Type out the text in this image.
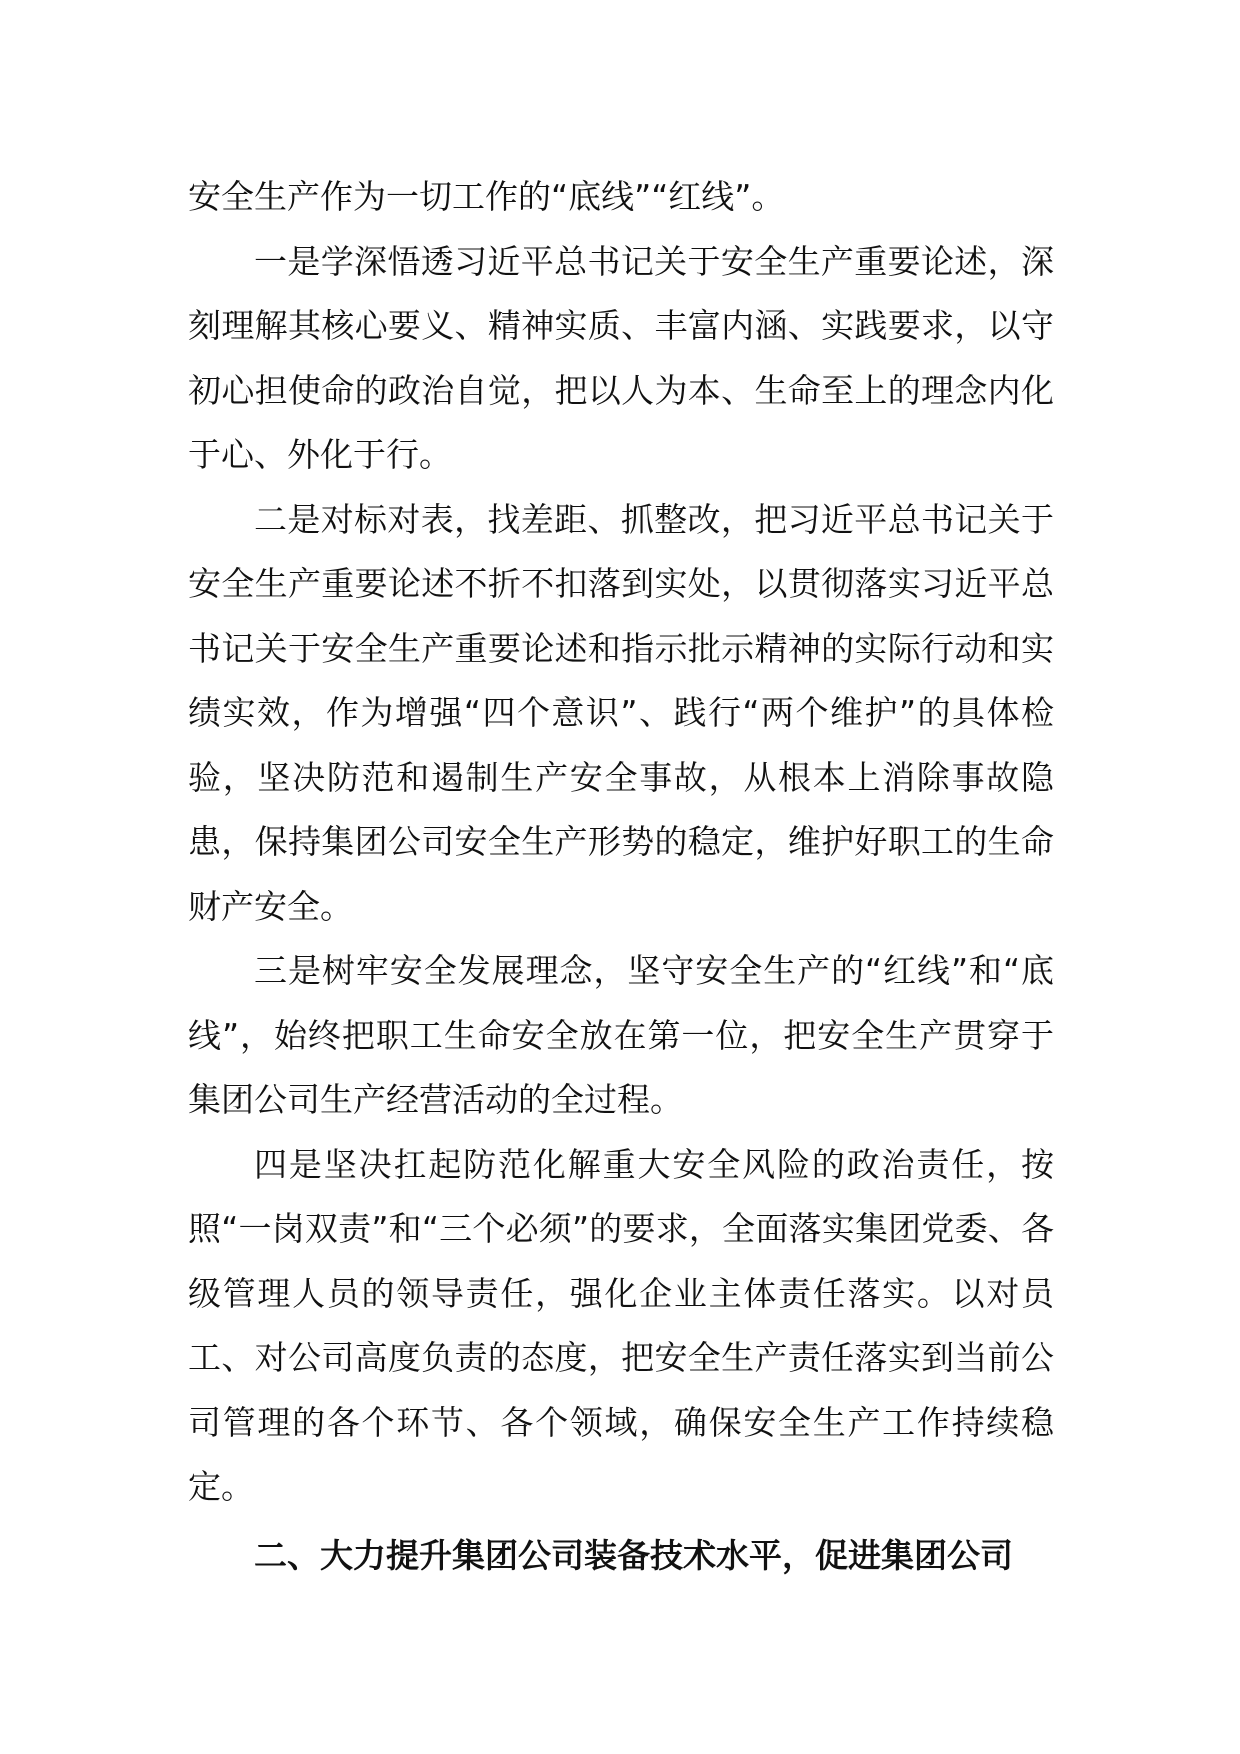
安全生产作为一切工作的“底线”“红线”。

一是学深悟透习近平总书记关于安全生产重要论述，深刻理解其核心要义、精神实质、丰富内涵、实践要求，以守初心担使命的政治自觉，把以人为本、生命至上的理念内化于心、外化于行。

二是对标对表，找差距、抓整改，把习近平总书记关于安全生产重要论述不折不扣落到实处，以贯彻落实习近平总书记关于安全生产重要论述和指示批示精神的实际行动和实绩实效，作为增强“四个意识”、践行“两个维护”的具体检验，坚决防范和遏制生产安全事故，从根本上消除事故隐患，保持集团公司安全生产形势的稳定，维护好职工的生命财产安全。

三是树牢安全发展理念，坚守安全生产的“红线”和“底线”，始终把职工生命安全放在第一位，把安全生产贯穿于集团公司生产经营活动的全过程。

四是坚决扛起防范化解重大安全风险的政治责任，按照“一岗双责”和“三个必须”的要求，全面落实集团党委、各级管理人员的领导责任，强化企业主体责任落实。以对员工、对公司高度负责的态度，把安全生产责任落实到当前公司管理的各个环节、各个领域，确保安全生产工作持续稳定。

二、大力提升集团公司装备技术水平，促进集团公司
